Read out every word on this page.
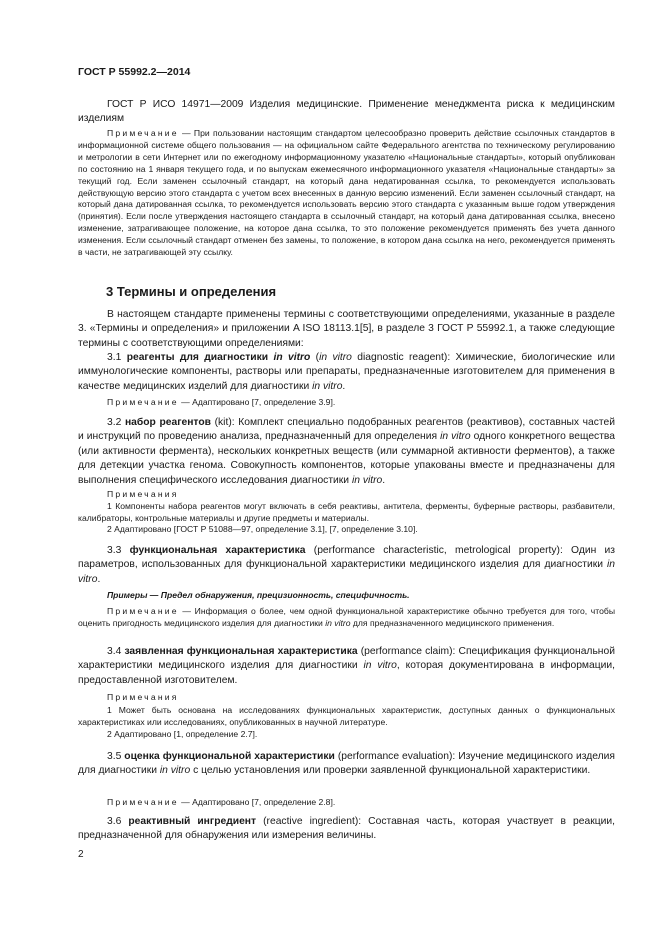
ГОСТ Р 55992.2—2014

ГОСТ Р ИСО 14971—2009 Изделия медицинские. Применение менеджмента риска к медицинским изделиям

Примечание — При пользовании настоящим стандартом целесообразно проверить действие ссылочных стандартов в информационной системе общего пользования — на официальном сайте Федерального агентства по техническому регулированию и метрологии в сети Интернет или по ежегодному информационному указателю «Национальные стандарты», который опубликован по состоянию на 1 января текущего года, и по выпускам ежемесячного информационного указателя «Национальные стандарты» за текущий год. Если заменен ссылочный стандарт, на который дана недатированная ссылка, то рекомендуется использовать действующую версию этого стандарта с учетом всех внесенных в данную версию изменений. Если заменен ссылочный стандарт, на который дана датированная ссылка, то рекомендуется использовать версию этого стандарта с указанным выше годом утверждения (принятия). Если после утверждения настоящего стандарта в ссылочный стандарт, на который дана датированная ссылка, внесено изменение, затрагивающее положение, на которое дана ссылка, то это положение рекомендуется применять без учета данного изменения. Если ссылочный стандарт отменен без замены, то положение, в котором дана ссылка на него, рекомендуется применять в части, не затрагивающей эту ссылку.

3 Термины и определения

В настоящем стандарте применены термины с соответствующими определениями, указанные в разделе 3. «Термины и определения» и приложении A ISO 18113.1[5], в разделе 3 ГОСТ Р 55992.1, а также следующие термины с соответствующими определениями:

3.1 реагенты для диагностики in vitro (in vitro diagnostic reagent): Химические, биологические или иммунологические компоненты, растворы или препараты, предназначенные изготовителем для применения в качестве медицинских изделий для диагностики in vitro.

Примечание — Адаптировано [7, определение 3.9].

3.2 набор реагентов (kit): Комплект специально подобранных реагентов (реактивов), составных частей и инструкций по проведению анализа, предназначенный для определения in vitro одного конкретного вещества (или активности фермента), нескольких конкретных веществ (или суммарной активности ферментов), а также для детекции участка генома. Совокупность компонентов, которые упакованы вместе и предназначены для выполнения специфического исследования диагностики in vitro.

Примечания

1 Компоненты набора реагентов могут включать в себя реактивы, антитела, ферменты, буферные растворы, разбавители, калибраторы, контрольные материалы и другие предметы и материалы.

2 Адаптировано [ГОСТ Р 51088—97, определение 3.1], [7, определение 3.10].

3.3 функциональная характеристика (performance characteristic, metrological property): Один из параметров, использованных для функциональной характеристики медицинского изделия для диагностики in vitro.

Примеры — Предел обнаружения, прецизионность, специфичность.

Примечание — Информация о более, чем одной функциональной характеристике обычно требуется для того, чтобы оценить пригодность медицинского изделия для диагностики in vitro для предназначенного медицинского применения.

3.4 заявленная функциональная характеристика (performance claim): Спецификация функциональной характеристики медицинского изделия для диагностики in vitro, которая документирована в информации, предоставленной изготовителем.

Примечания

1 Может быть основана на исследованиях функциональных характеристик, доступных данных о функциональных характеристиках или исследованиях, опубликованных в научной литературе.

2 Адаптировано [1, определение 2.7].

3.5 оценка функциональной характеристики (performance evaluation): Изучение медицинского изделия для диагностики in vitro с целью установления или проверки заявленной функциональной характеристики.

Примечание — Адаптировано [7, определение 2.8].

3.6 реактивный ингредиент (reactive ingredient): Составная часть, которая участвует в реакции, предназначенной для обнаружения или измерения величины.

2
